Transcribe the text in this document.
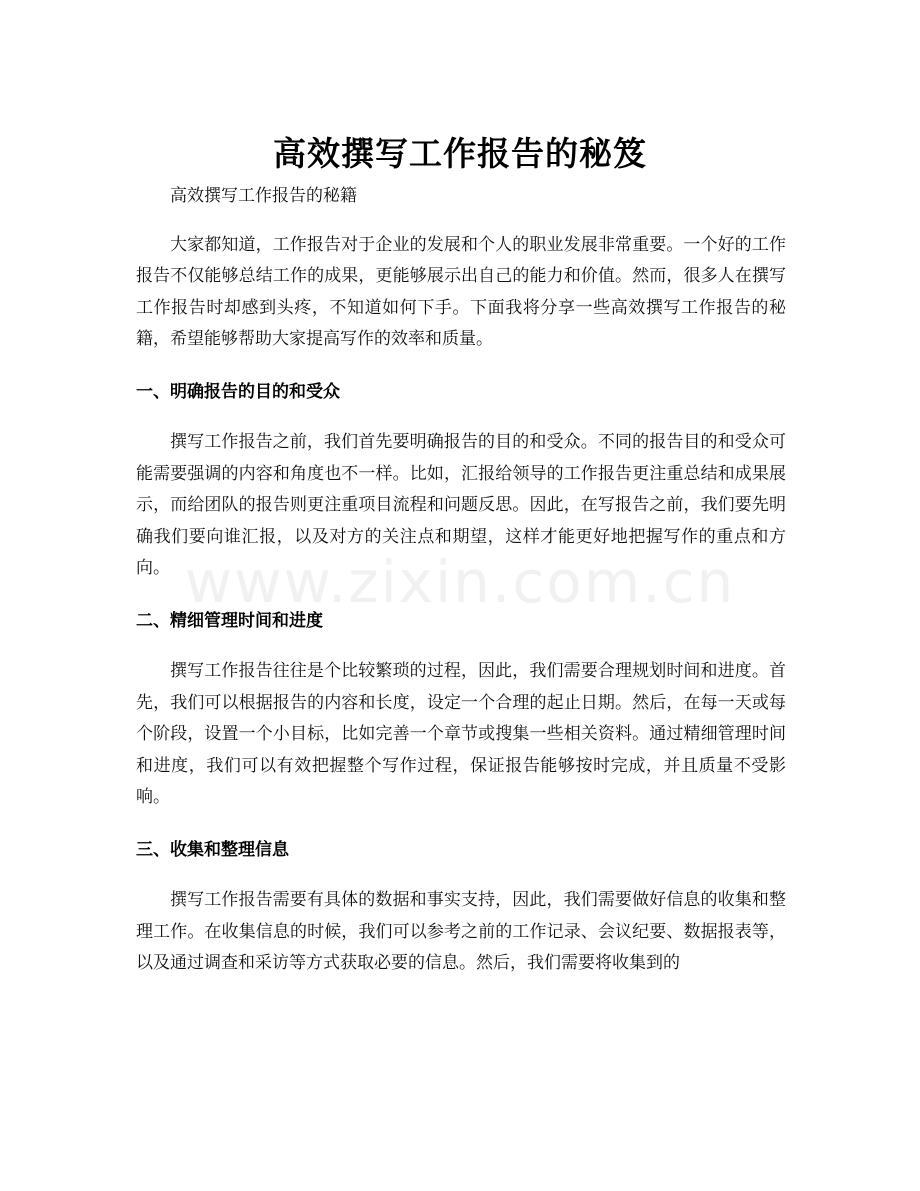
www.zixin.com.cn
高效撰写工作报告的秘笈

高效撰写工作报告的秘籍

大家都知道，工作报告对于企业的发展和个人的职业发展非常重要。一个好的工作报告不仅能够总结工作的成果，更能够展示出自己的能力和价值。然而，很多人在撰写工作报告时却感到头疼，不知道如何下手。下面我将分享一些高效撰写工作报告的秘籍，希望能够帮助大家提高写作的效率和质量。

一、明确报告的目的和受众

撰写工作报告之前，我们首先要明确报告的目的和受众。不同的报告目的和受众可能需要强调的内容和角度也不一样。比如，汇报给领导的工作报告更注重总结和成果展示，而给团队的报告则更注重项目流程和问题反思。因此，在写报告之前，我们要先明确我们要向谁汇报，以及对方的关注点和期望，这样才能更好地把握写作的重点和方向。

二、精细管理时间和进度

撰写工作报告往往是个比较繁琐的过程，因此，我们需要合理规划时间和进度。首先，我们可以根据报告的内容和长度，设定一个合理的起止日期。然后，在每一天或每个阶段，设置一个小目标，比如完善一个章节或搜集一些相关资料。通过精细管理时间和进度，我们可以有效把握整个写作过程，保证报告能够按时完成，并且质量不受影响。

三、收集和整理信息

撰写工作报告需要有具体的数据和事实支持，因此，我们需要做好信息的收集和整理工作。在收集信息的时候，我们可以参考之前的工作记录、会议纪要、数据报表等，以及通过调查和采访等方式获取必要的信息。然后，我们需要将收集到的
